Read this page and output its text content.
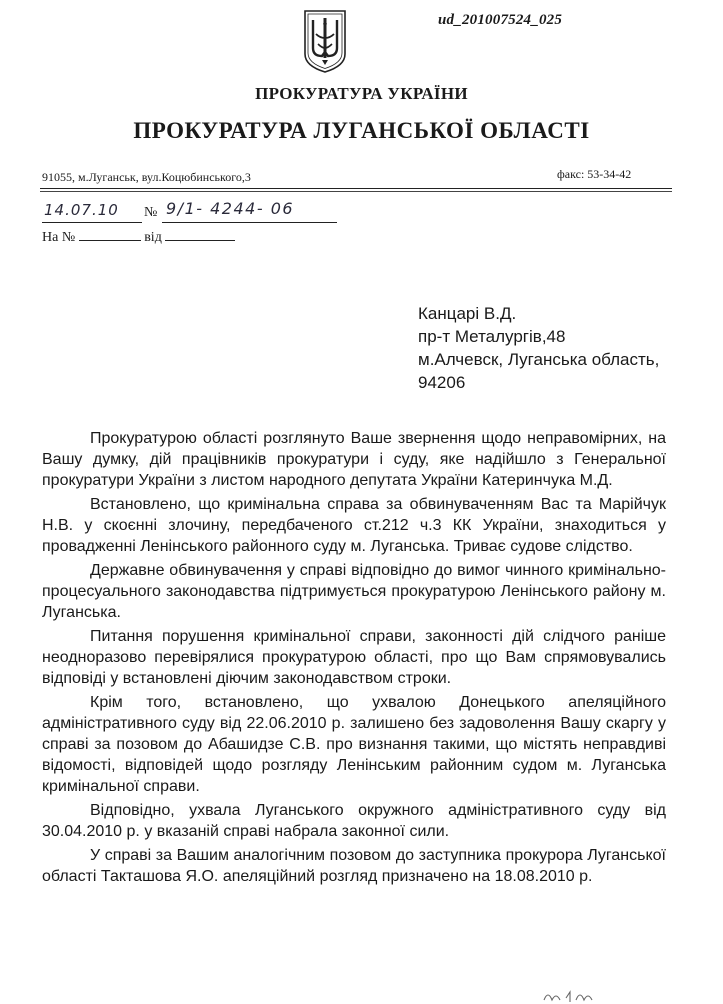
ud_201007524_025
ПРОКУРАТУРА УКРАЇНИ
ПРОКУРАТУРА ЛУГАНСЬКОЇ ОБЛАСТІ
91055, м.Луганськ, вул.Коцюбинського,3	факс: 53-34-42
14.07.10 № 9/1- 4244- 06
На №	від
Канцарі В.Д.
пр-т Металургів,48
м.Алчевск, Луганська область,
94206

Прокуратурою області розглянуто Ваше звернення щодо неправомірних, на Вашу думку, дій працівників прокуратури і суду, яке надійшло з Генеральної прокуратури України з листом народного депутата України Катеринчука М.Д.

Встановлено, що кримінальна справа за обвинуваченням Вас та Марійчук Н.В. у скоєнні злочину, передбаченого ст.212 ч.3 КК України, знаходиться у провадженні Ленінського районного суду м. Луганська. Триває судове слідство.

Державне обвинувачення у справі відповідно до вимог чинного кримінально-процесуального законодавства підтримується прокуратурою Ленінського району м. Луганська.

Питання порушення кримінальної справи, законності дій слідчого раніше неодноразово перевірялися прокуратурою області, про що Вам спрямовувались відповіді у встановлені діючим законодавством строки.

Крім того, встановлено, що ухвалою Донецького апеляційного адміністративного суду від 22.06.2010 р. залишено без задоволення Вашу скаргу у справі за позовом до Абашидзе С.В. про визнання такими, що містять неправдиві відомості, відповідей щодо розгляду Ленінським районним судом м. Луганська кримінальної справи.

Відповідно, ухвала Луганського окружного адміністративного суду від 30.04.2010 р. у вказаній справі набрала законної сили.

У справі за Вашим аналогічним позовом до заступника прокурора Луганської області Такташова Я.О. апеляційний розгляд призначено на 18.08.2010 р.
